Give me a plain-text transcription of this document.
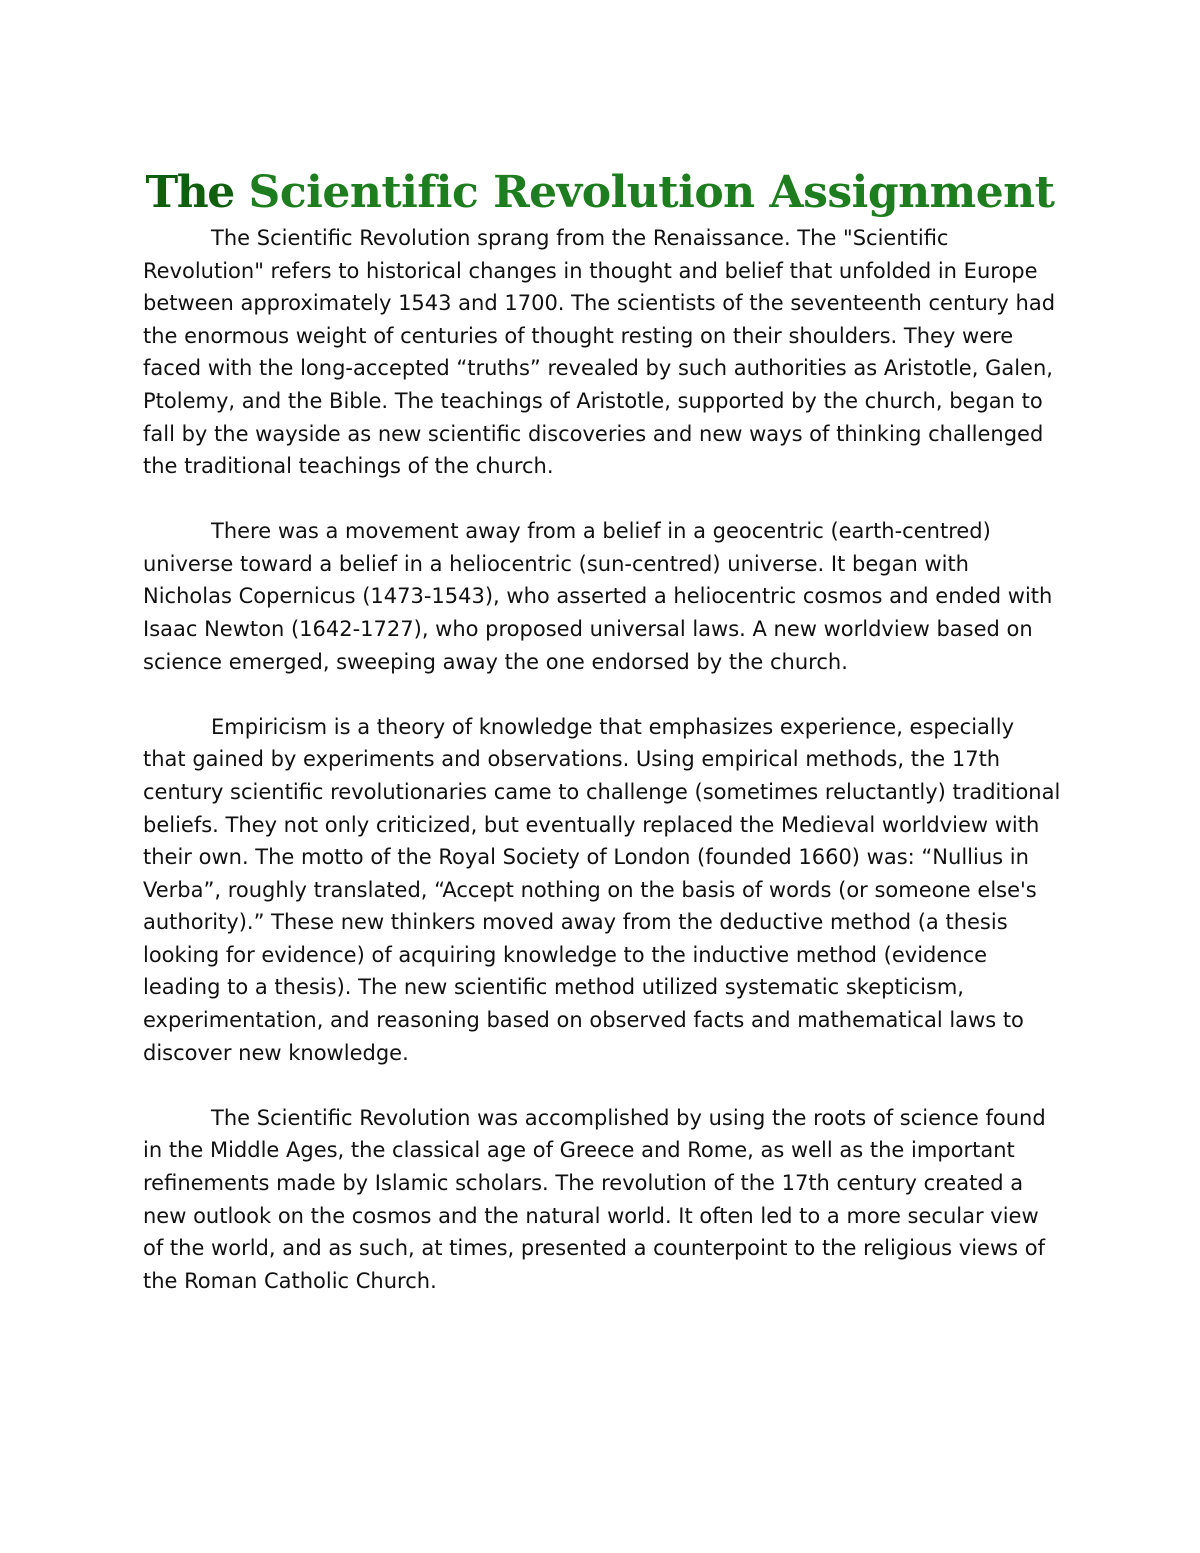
The Scientific Revolution Assignment

The Scientific Revolution sprang from the Renaissance. The "Scientific Revolution" refers to historical changes in thought and belief that unfolded in Europe between approximately 1543 and 1700. The scientists of the seventeenth century had the enormous weight of centuries of thought resting on their shoulders. They were faced with the long-accepted “truths” revealed by such authorities as Aristotle, Galen, Ptolemy, and the Bible. The teachings of Aristotle, supported by the church, began to fall by the wayside as new scientific discoveries and new ways of thinking challenged the traditional teachings of the church.

There was a movement away from a belief in a geocentric (earth-centred) universe toward a belief in a heliocentric (sun-centred) universe. It began with Nicholas Copernicus (1473-1543), who asserted a heliocentric cosmos and ended with Isaac Newton (1642-1727), who proposed universal laws. A new worldview based on science emerged, sweeping away the one endorsed by the church.

Empiricism is a theory of knowledge that emphasizes experience, especially that gained by experiments and observations. Using empirical methods, the 17th century scientific revolutionaries came to challenge (sometimes reluctantly) traditional beliefs. They not only criticized, but eventually replaced the Medieval worldview with their own. The motto of the Royal Society of London (founded 1660) was: “Nullius in Verba”, roughly translated, “Accept nothing on the basis of words (or someone else's authority).” These new thinkers moved away from the deductive method (a thesis looking for evidence) of acquiring knowledge to the inductive method (evidence leading to a thesis). The new scientific method utilized systematic skepticism, experimentation, and reasoning based on observed facts and mathematical laws to discover new knowledge.

The Scientific Revolution was accomplished by using the roots of science found in the Middle Ages, the classical age of Greece and Rome, as well as the important refinements made by Islamic scholars. The revolution of the 17th century created a new outlook on the cosmos and the natural world. It often led to a more secular view of the world, and as such, at times, presented a counterpoint to the religious views of the Roman Catholic Church.
